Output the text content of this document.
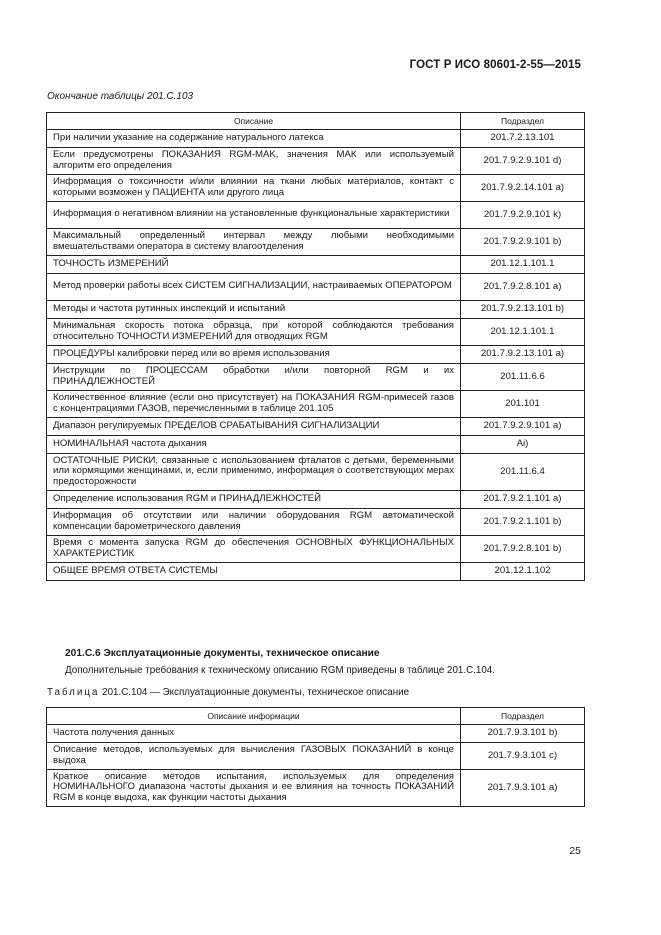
ГОСТ Р ИСО 80601-2-55—2015
Окончание таблицы 201.C.103
Описание	Подраздел
При наличии указание на содержание натурального латекса	201.7.2.13.101
Если предусмотрены ПОКАЗАНИЯ RGM-MAK, значения МАК или используемый алгоритм его определения	201.7.9.2.9.101 d)
Информация о токсичности и/или влиянии на ткани любых материалов, контакт с которыми возможен у ПАЦИЕНТА или другого лица	201.7.9.2.14.101 a)
Информация о негативном влиянии на установленные функциональные характеристики	201.7.9.2.9.101 k)
Максимальный определенный интервал между любыми необходимыми вмешательствами оператора в систему влагоотделения	201.7.9.2.9.101 b)
ТОЧНОСТЬ ИЗМЕРЕНИЙ	201.12.1.101.1
Метод проверки работы всех СИСТЕМ СИГНАЛИЗАЦИИ, настраиваемых ОПЕРАТОРОМ	201.7.9.2.8.101 a)
Методы и частота рутинных инспекций и испытаний	201.7.9.2.13.101 b)
Минимальная скорость потока образца, при которой соблюдаются требования относительно ТОЧНОСТИ ИЗМЕРЕНИЙ для отводящих RGM	201.12.1.101.1
ПРОЦЕДУРЫ калибровки перед или во время использования	201.7.9.2.13.101 a)
Инструкции по ПРОЦЕССАМ обработки и/или повторной RGM и их ПРИНАДЛЕЖНОСТЕЙ	201.11.6.6
Количественное влияние (если оно присутствует) на ПОКАЗАНИЯ RGM-примесей газов с концентрациями ГАЗОВ, перечисленными в таблице 201.105	201.101
Диапазон регулируемых ПРЕДЕЛОВ СРАБАТЫВАНИЯ СИГНАЛИЗАЦИИ	201.7.9.2.9.101 a)
НОМИНАЛЬНАЯ частота дыхания	Ai)
ОСТАТОЧНЫЕ РИСКИ, связанные с использованием фталатов с детьми, беременными или кормящими женщинами, и, если применимо, информация о соответствующих мерах предосторожности	201.11.6.4
Определение использования RGM и ПРИНАДЛЕЖНОСТЕЙ	201.7.9.2.1.101 a)
Информация об отсутствии или наличии оборудования RGM автоматической компенсации барометрического давления	201.7.9.2.1.101 b)
Время с момента запуска RGM до обеспечения ОСНОВНЫХ ФУНКЦИОНАЛЬНЫХ ХАРАКТЕРИСТИК	201.7.9.2.8.101 b)
ОБЩЕЕ ВРЕМЯ ОТВЕТА СИСТЕМЫ	201.12.1.102
201.C.6 Эксплуатационные документы, техническое описание
Дополнительные требования к техническому описанию RGM приведены в таблице 201.C.104.
Таблица 201.C.104 — Эксплуатационные документы, техническое описание
Описание информации	Подраздел
Частота получения данных	201.7.9.3.101 b)
Описание методов, используемых для вычисления ГАЗОВЫХ ПОКАЗАНИЙ в конце выдоха	201.7.9.3.101 c)
Краткое описание методов испытания, используемых для определения НОМИНАЛЬНОГО диапазона частоты дыхания и ее влияния на точность ПОКАЗАНИЙ RGM в конце выдоха, как функции частоты дыхания	201.7.9.3.101 a)
25
